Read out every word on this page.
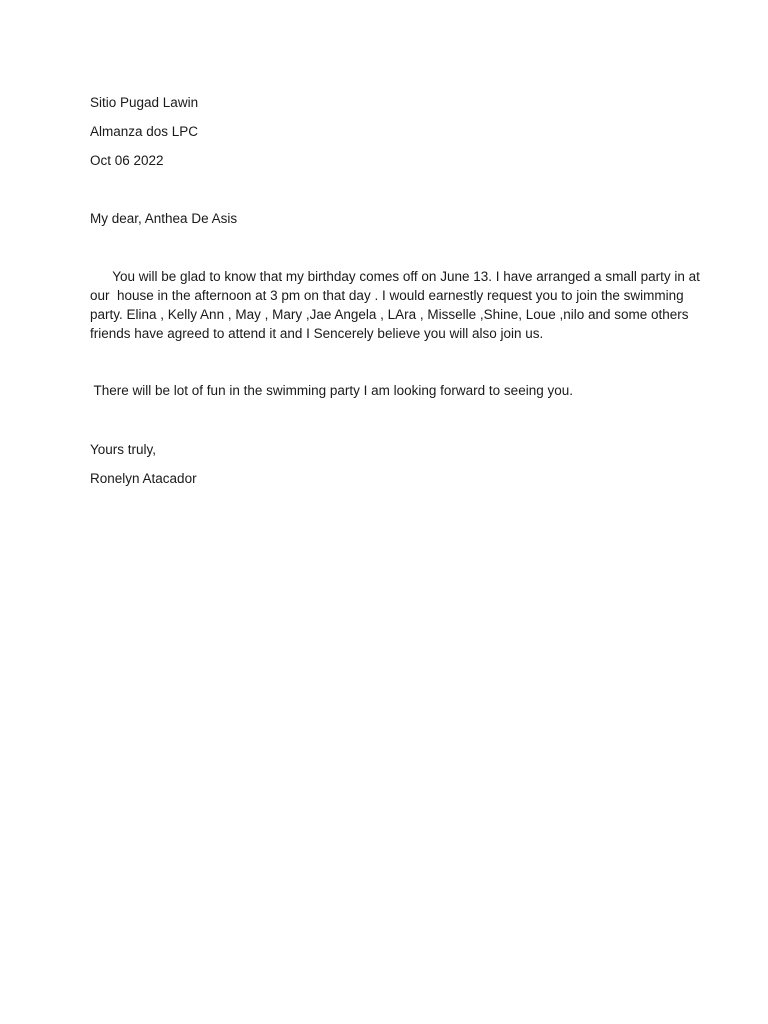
Sitio Pugad Lawin

Almanza dos LPC

Oct 06 2022

My dear, Anthea De Asis

You will be glad to know that my birthday comes off on June 13. I have arranged a small party in at
our  house in the afternoon at 3 pm on that day . I would earnestly request you to join the swimming
party. Elina , Kelly Ann , May , Mary ,Jae Angela , LAra , Misselle ,Shine, Loue ,nilo and some others
friends have agreed to attend it and I Sencerely believe you will also join us.

There will be lot of fun in the swimming party I am looking forward to seeing you.

Yours truly,

Ronelyn Atacador
